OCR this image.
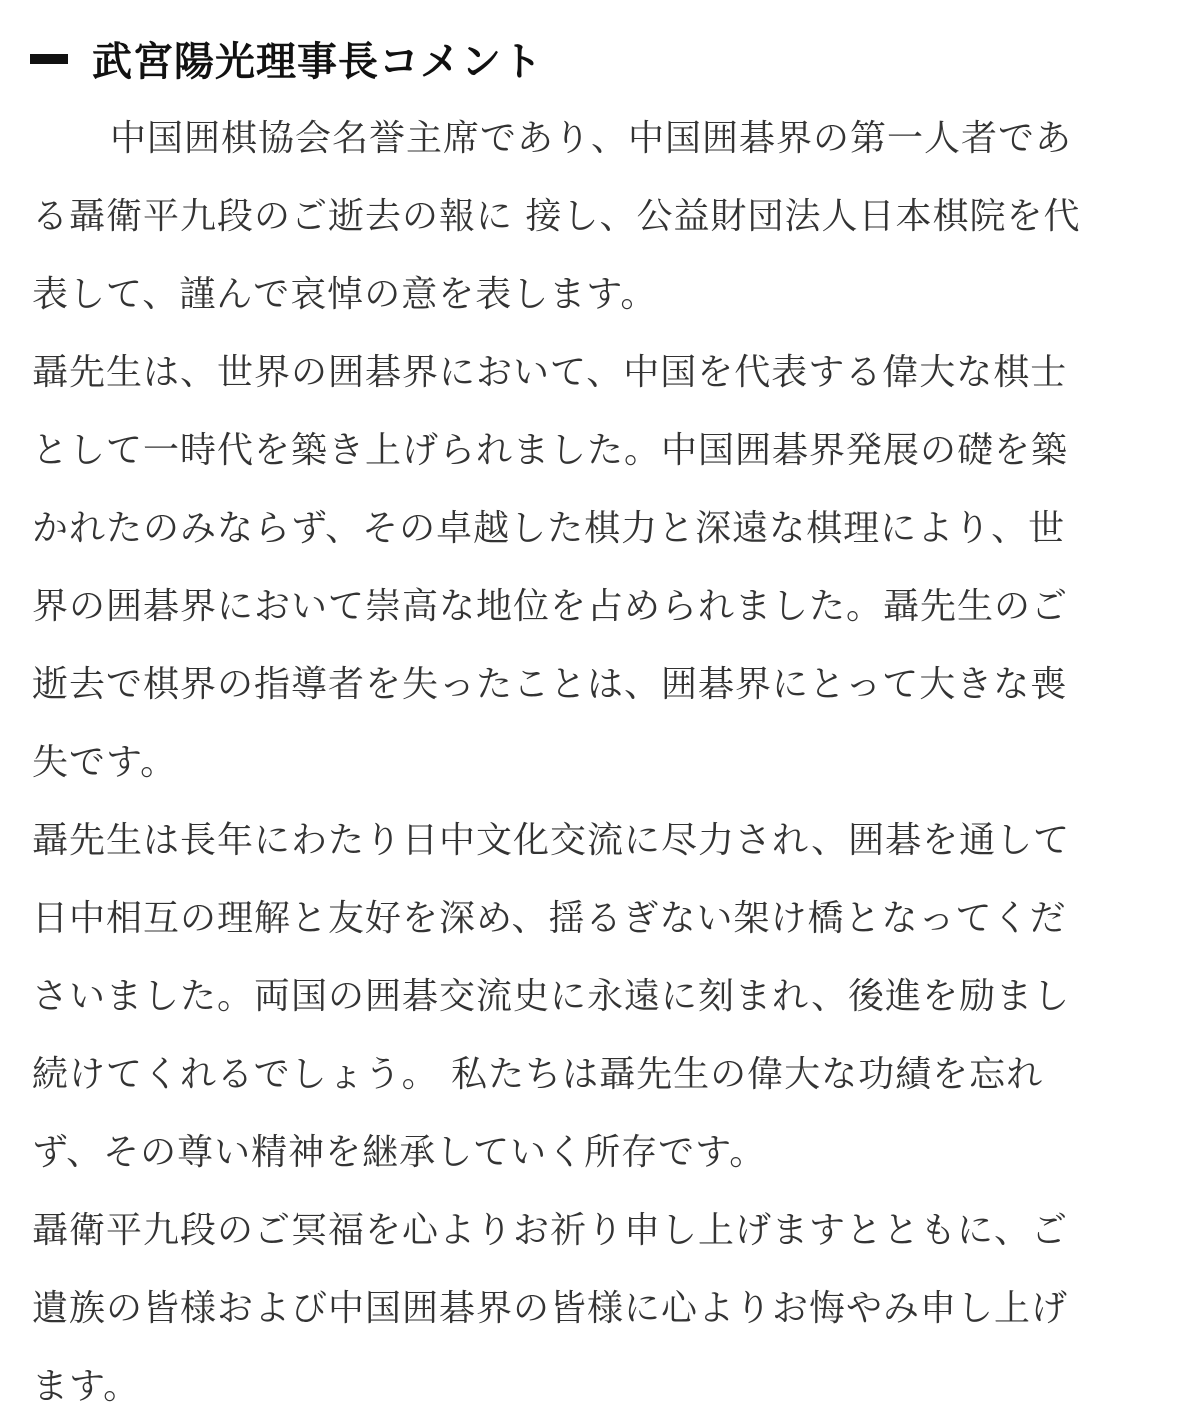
武宮陽光理事長コメント
中国囲棋協会名誉主席であり、中国囲碁界の第一人者であ
る聶衛平九段のご逝去の報に 接し、公益財団法人日本棋院を代
表して、謹んで哀悼の意を表します。
聶先生は、世界の囲碁界において、中国を代表する偉大な棋士
として一時代を築き上げられました。中国囲碁界発展の礎を築
かれたのみならず、その卓越した棋力と深遠な棋理により、世
界の囲碁界において崇高な地位を占められました。聶先生のご
逝去で棋界の指導者を失ったことは、囲碁界にとって大きな喪
失です。
聶先生は長年にわたり日中文化交流に尽力され、囲碁を通して
日中相互の理解と友好を深め、揺るぎない架け橋となってくだ
さいました。両国の囲碁交流史に永遠に刻まれ、後進を励まし
続けてくれるでしょう。 私たちは聶先生の偉大な功績を忘れ
ず、その尊い精神を継承していく所存です。
聶衛平九段のご冥福を心よりお祈り申し上げますとともに、ご
遺族の皆様および中国囲碁界の皆様に心よりお悔やみ申し上げ
ます。
